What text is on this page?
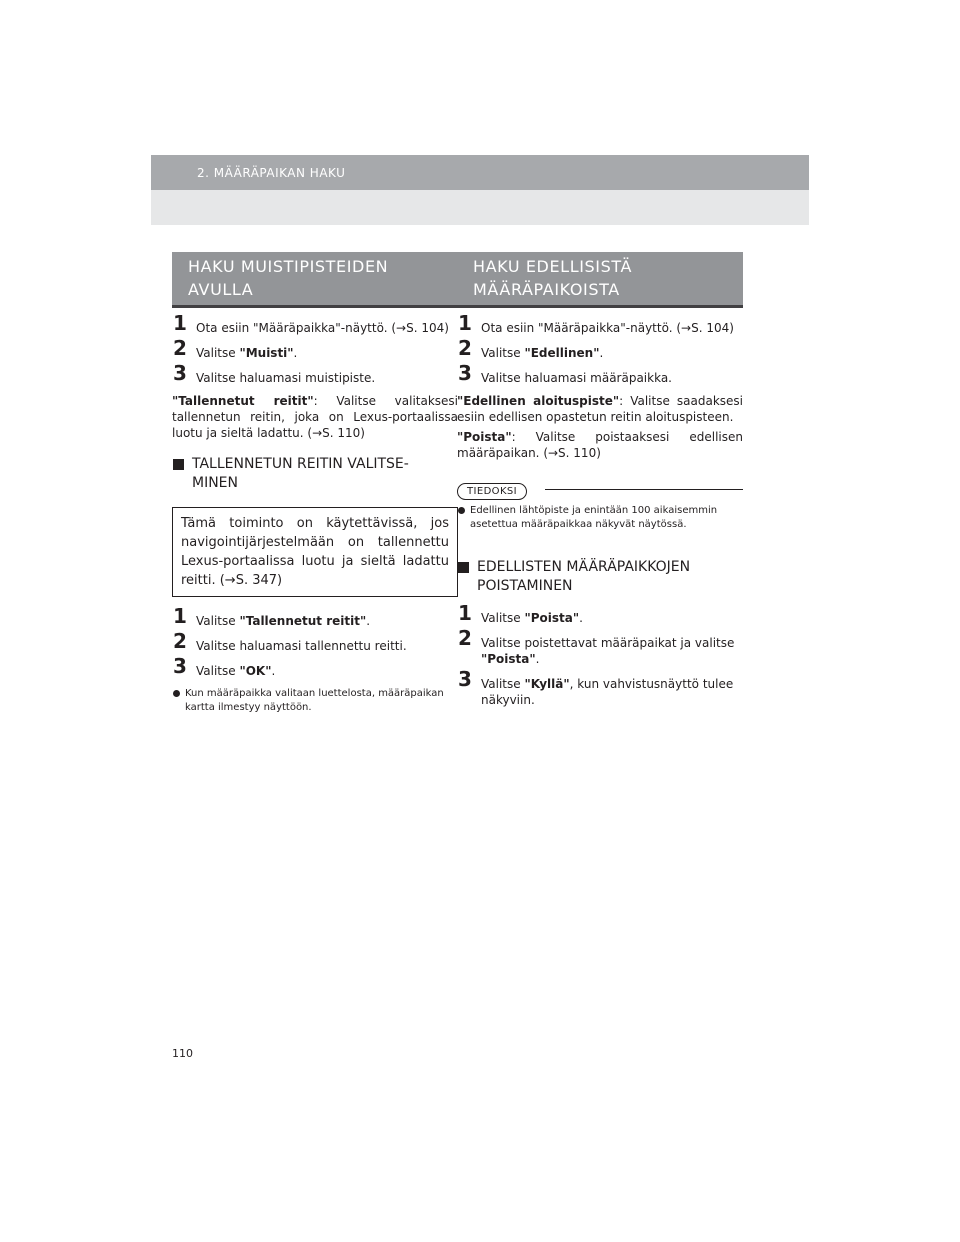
2. MÄÄRÄPAIKAN HAKU
HAKU MUISTIPISTEIDEN
AVULLA
1 Ota esiin "Määräpaikka"-näyttö. (→S. 104)
2 Valitse "Muisti".
3 Valitse haluamasi muistipiste.
"Tallennetut reitit": Valitse valitaksesi tallennetun reitin, joka on Lexus-portaalissa luotu ja sieltä ladattu. (→S. 110)
TALLENNETUN REITIN VALITSE-
MINEN
Tämä toiminto on käytettävissä, jos navigointijärjestelmään on tallennettu Lexus-portaalissa luotu ja sieltä ladattu reitti. (→S. 347)
1 Valitse "Tallennetut reitit".
2 Valitse haluamasi tallennettu reitti.
3 Valitse "OK".
Kun määräpaikka valitaan luettelosta, määräpaikan kartta ilmestyy näyttöön.
HAKU EDELLISISTÄ
MÄÄRÄPAIKOISTA
1 Ota esiin "Määräpaikka"-näyttö. (→S. 104)
2 Valitse "Edellinen".
3 Valitse haluamasi määräpaikka.
"Edellinen aloituspiste": Valitse saadaksesi esiin edellisen opastetun reitin aloituspisteen.
"Poista": Valitse poistaaksesi edellisen määräpaikan. (→S. 110)
TIEDOKSI
Edellinen lähtöpiste ja enintään 100 aikaisemmin asetettua määräpaikkaa näkyvät näytössä.
EDELLISTEN MÄÄRÄPAIKKOJEN
POISTAMINEN
1 Valitse "Poista".
2 Valitse poistettavat määräpaikat ja valitse "Poista".
3 Valitse "Kyllä", kun vahvistusnäyttö tulee näkyviin.
110
